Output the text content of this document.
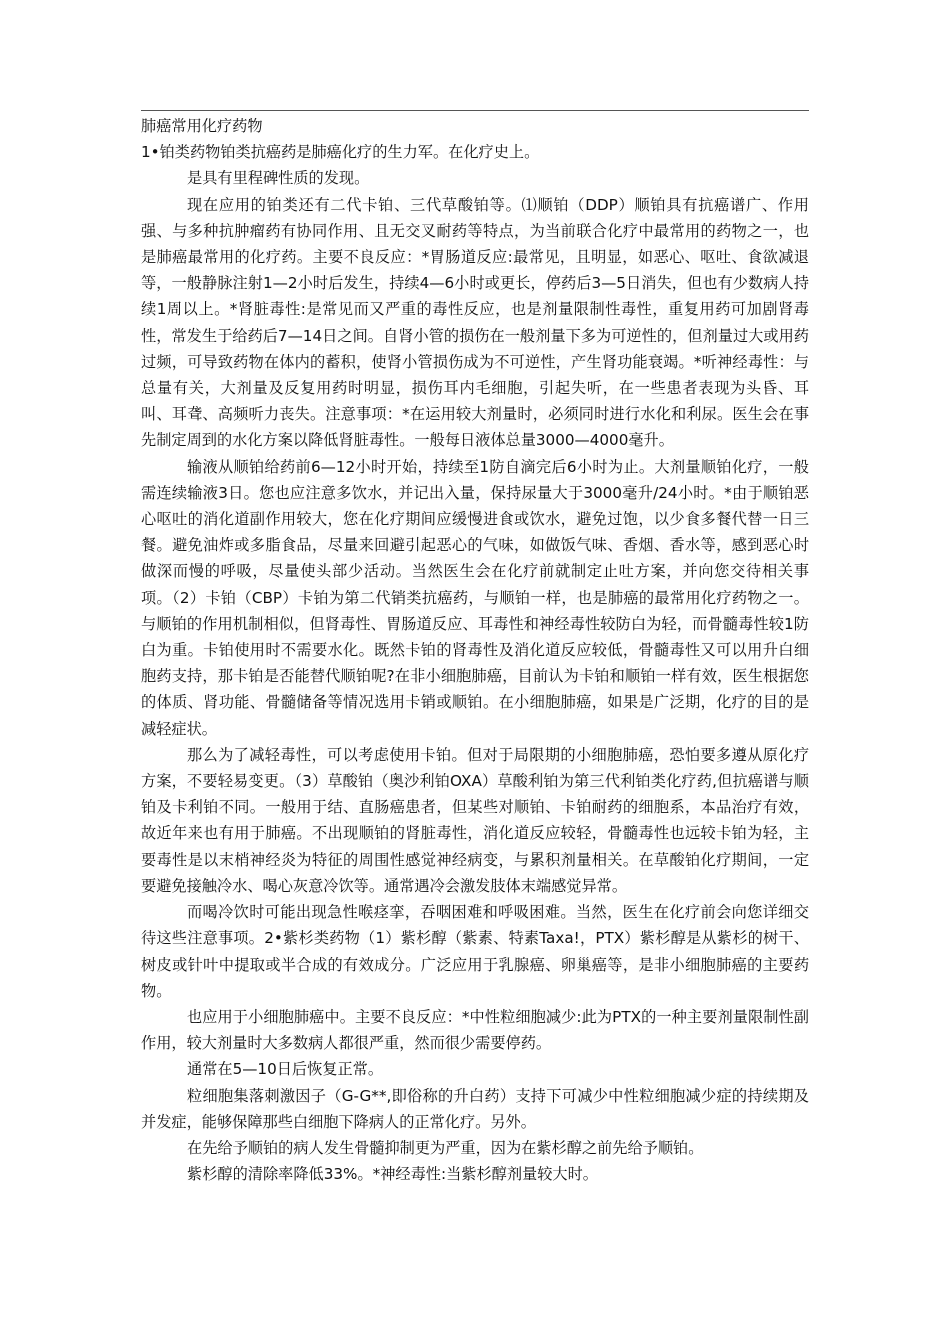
肺癌常用化疗药物

1•铂类药物铂类抗癌药是肺癌化疗的生力军。在化疗史上。

是具有里程碑性质的发现。

现在应用的铂类还有二代卡铂、三代草酸铂等。⑴顺铂（DDP）顺铂具有抗癌谱广、作用强、与多种抗肿瘤药有协同作用、且无交叉耐药等特点，为当前联合化疗中最常用的药物之一，也是肺癌最常用的化疗药。主要不良反应：*胃肠道反应:最常见，且明显，如恶心、呕吐、食欲减退等，一般静脉注射1—2小时后发生，持续4—6小时或更长，停药后3—5日消失，但也有少数病人持续1周以上。*肾脏毒性:是常见而又严重的毒性反应，也是剂量限制性毒性，重复用药可加剧肾毒性，常发生于给药后7—14日之间。自肾小管的损伤在一般剂量下多为可逆性的，但剂量过大或用药过频，可导致药物在体内的蓄积，使肾小管损伤成为不可逆性，产生肾功能衰竭。*听神经毒性：与总量有关，大剂量及反复用药时明显，损伤耳内毛细胞，引起失听，在一些患者表现为头昏、耳叫、耳聋、高频听力丧失。注意事项：*在运用较大剂量时，必须同时进行水化和利尿。医生会在事先制定周到的水化方案以降低肾脏毒性。一般每日液体总量3000—4000毫升。

输液从顺铂给药前6—12小时开始，持续至1防自滴完后6小时为止。大剂量顺铂化疗，一般需连续输液3日。您也应注意多饮水，并记出入量，保持尿量大于3000毫升/24小时。*由于顺铂恶心呕吐的消化道副作用较大，您在化疗期间应缓慢进食或饮水，避免过饱，以少食多餐代替一日三餐。避免油炸或多脂食品，尽量来回避引起恶心的气味，如做饭气味、香烟、香水等，感到恶心时做深而慢的呼吸，尽量使头部少活动。当然医生会在化疗前就制定止吐方案，并向您交待相关事项。（2）卡铂（CBP）卡铂为第二代销类抗癌药，与顺铂一样，也是肺癌的最常用化疗药物之一。与顺铂的作用机制相似，但肾毒性、胃肠道反应、耳毒性和神经毒性较防白为轻，而骨髓毒性较1防白为重。卡铂使用时不需要水化。既然卡铂的肾毒性及消化道反应较低，骨髓毒性又可以用升白细胞药支持，那卡铂是否能替代顺铂呢?在非小细胞肺癌，目前认为卡铂和顺铂一样有效，医生根据您的体质、肾功能、骨髓储备等情况选用卡销或顺铂。在小细胞肺癌，如果是广泛期，化疗的目的是减轻症状。

那么为了减轻毒性，可以考虑使用卡铂。但对于局限期的小细胞肺癌，恐怕要多遵从原化疗方案，不要轻易变更。（3）草酸铂（奥沙利铂OXA）草酸利铂为第三代利铂类化疗药,但抗癌谱与顺铂及卡利铂不同。一般用于结、直肠癌患者，但某些对顺铂、卡铂耐药的细胞系，本品治疗有效，故近年来也有用于肺癌。不出现顺铂的肾脏毒性，消化道反应较轻，骨髓毒性也远较卡铂为轻，主要毒性是以末梢神经炎为特征的周围性感觉神经病变，与累积剂量相关。在草酸铂化疗期间，一定要避免接触冷水、喝心灰意冷饮等。通常遇冷会激发肢体末端感觉异常。

而喝冷饮时可能出现急性喉痉挛，吞咽困难和呼吸困难。当然，医生在化疗前会向您详细交待这些注意事项。2•紫杉类药物（1）紫杉醇（紫素、特素Taxa!，PTX）紫杉醇是从紫杉的树干、树皮或针叶中提取或半合成的有效成分。广泛应用于乳腺癌、卵巢癌等，是非小细胞肺癌的主要药物。

也应用于小细胞肺癌中。主要不良反应：*中性粒细胞减少:此为PTX的一种主要剂量限制性副作用，较大剂量时大多数病人都很严重，然而很少需要停药。

通常在5—10日后恢复正常。

粒细胞集落刺激因子（G-G**,即俗称的升白药）支持下可减少中性粒细胞减少症的持续期及并发症，能够保障那些白细胞下降病人的正常化疗。另外。

在先给予顺铂的病人发生骨髓抑制更为严重，因为在紫杉醇之前先给予顺铂。

紫杉醇的清除率降低33%。*神经毒性:当紫杉醇剂量较大时。
